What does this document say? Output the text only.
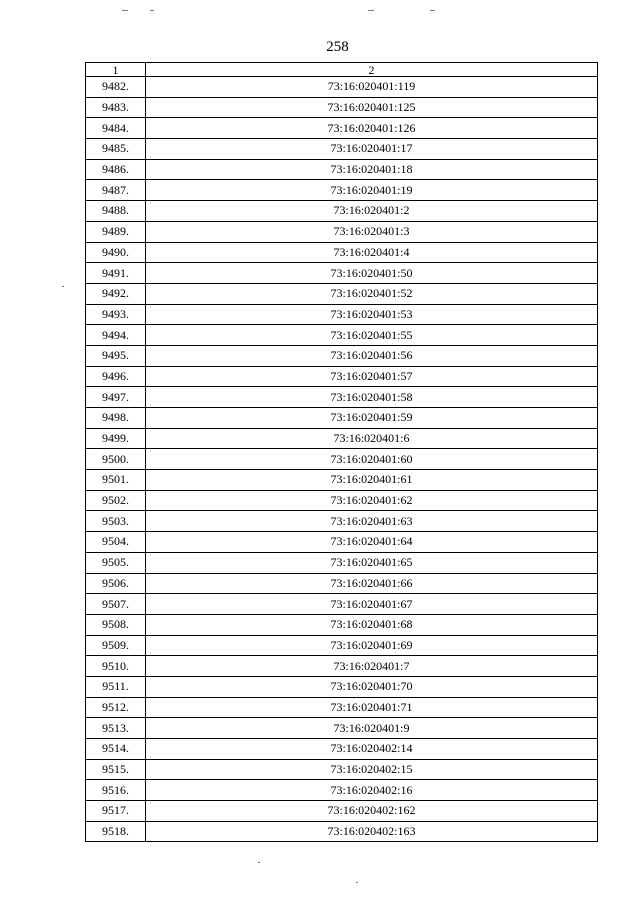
258
1	2
9482.	73:16:020401:119
9483.	73:16:020401:125
9484.	73:16:020401:126
9485.	73:16:020401:17
9486.	73:16:020401:18
9487.	73:16:020401:19
9488.	73:16:020401:2
9489.	73:16:020401:3
9490.	73:16:020401:4
9491.	73:16:020401:50
9492.	73:16:020401:52
9493.	73:16:020401:53
9494.	73:16:020401:55
9495.	73:16:020401:56
9496.	73:16:020401:57
9497.	73:16:020401:58
9498.	73:16:020401:59
9499.	73:16:020401:6
9500.	73:16:020401:60
9501.	73:16:020401:61
9502.	73:16:020401:62
9503.	73:16:020401:63
9504.	73:16:020401:64
9505.	73:16:020401:65
9506.	73:16:020401:66
9507.	73:16:020401:67
9508.	73:16:020401:68
9509.	73:16:020401:69
9510.	73:16:020401:7
9511.	73:16:020401:70
9512.	73:16:020401:71
9513.	73:16:020401:9
9514.	73:16:020402:14
9515.	73:16:020402:15
9516.	73:16:020402:16
9517.	73:16:020402:162
9518.	73:16:020402:163
